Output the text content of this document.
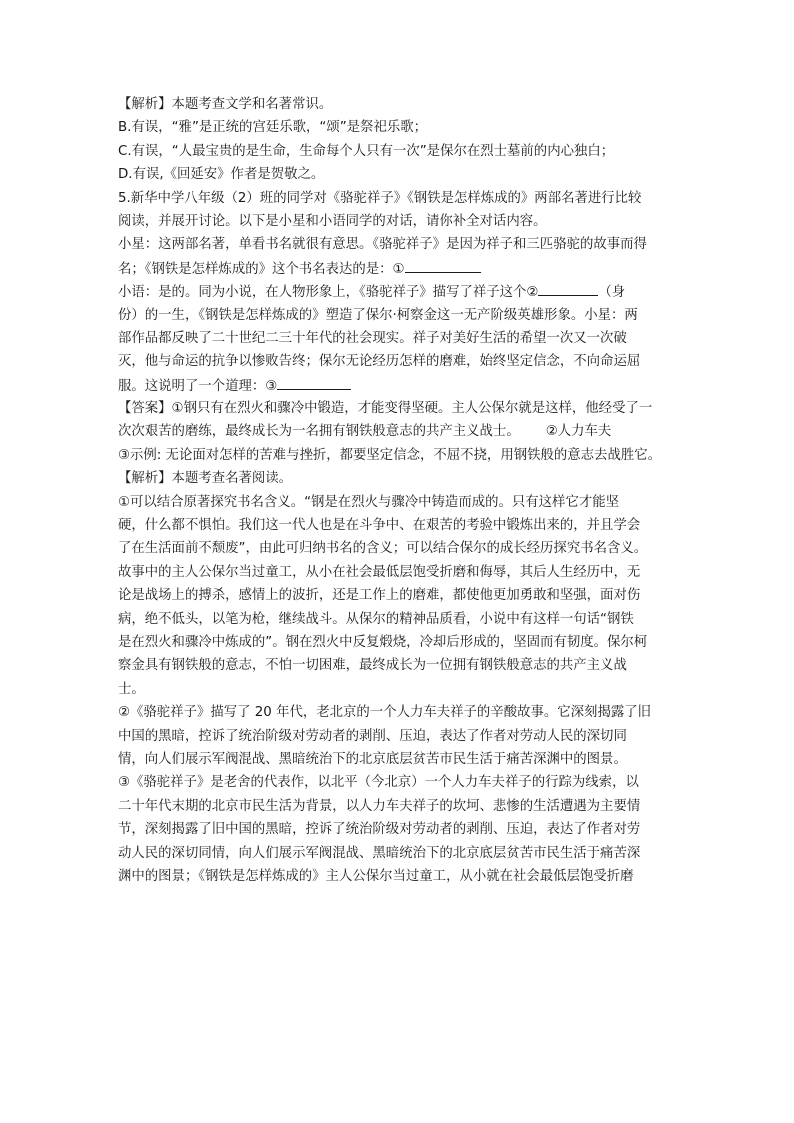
【解析】本题考查文学和名著常识。
B.有误，“雅”是正统的宫廷乐歌，“颂”是祭祀乐歌；
C.有误，“人最宝贵的是生命，生命每个人只有一次”是保尔在烈士墓前的内心独白；
D.有误,《回延安》作者是贺敬之。
5.新华中学八年级（2）班的同学对《骆驼祥子》《钢铁是怎样炼成的》两部名著进行比较
阅读，并展开讨论。以下是小星和小语同学的对话，请你补全对话内容。
小星：这两部名著，单看书名就很有意思。《骆驼祥子》是因为祥子和三匹骆驼的故事而得
名；《钢铁是怎样炼成的》这个书名表达的是：①
小语：是的。同为小说，在人物形象上，《骆驼祥子》描写了祥子这个②	（身
份）的一生，《钢铁是怎样炼成的》塑造了保尔·柯察金这一无产阶级英雄形象。小星：两
部作品都反映了二十世纪二三十年代的社会现实。祥子对美好生活的希望一次又一次破
灭，他与命运的抗争以惨败告终；保尔无论经历怎样的磨难，始终坚定信念，不向命运屈
服。这说明了一个道理：③
【答案】①钢只有在烈火和骤冷中锻造，才能变得坚硬。主人公保尔就是这样，他经受了一
次次艰苦的磨练，最终成长为一名拥有钢铁般意志的共产主义战士。 ②人力车夫
③示例: 无论面对怎样的苦难与挫折，都要坚定信念，不屈不挠，用钢铁般的意志去战胜它。
【解析】本题考查名著阅读。
①可以结合原著探究书名含义。“钢是在烈火与骤冷中铸造而成的。只有这样它才能坚
硬，什么都不惧怕。我们这一代人也是在斗争中、在艰苦的考验中锻炼出来的，并且学会
了在生活面前不颓废”，由此可归纳书名的含义；可以结合保尔的成长经历探究书名含义。
故事中的主人公保尔当过童工，从小在社会最低层饱受折磨和侮辱，其后人生经历中，无
论是战场上的搏杀，感情上的波折，还是工作上的磨难，都使他更加勇敢和坚强，面对伤
病，绝不低头，以笔为枪，继续战斗。从保尔的精神品质看，小说中有这样一句话“钢铁
是在烈火和骤冷中炼成的”。钢在烈火中反复煅烧，冷却后形成的，坚固而有韧度。保尔柯
察金具有钢铁般的意志，不怕一切困难，最终成长为一位拥有钢铁般意志的共产主义战
士。
②《骆驼祥子》描写了 20 年代，老北京的一个人力车夫祥子的辛酸故事。它深刻揭露了旧
中国的黑暗，控诉了统治阶级对劳动者的剥削、压迫，表达了作者对劳动人民的深切同
情，向人们展示军阀混战、黑暗统治下的北京底层贫苦市民生活于痛苦深渊中的图景。
③《骆驼祥子》是老舍的代表作，以北平（今北京）一个人力车夫祥子的行踪为线索，以
二十年代末期的北京市民生活为背景，以人力车夫祥子的坎坷、悲惨的生活遭遇为主要情
节，深刻揭露了旧中国的黑暗，控诉了统治阶级对劳动者的剥削、压迫，表达了作者对劳
动人民的深切同情，向人们展示军阀混战、黑暗统治下的北京底层贫苦市民生活于痛苦深
渊中的图景；《钢铁是怎样炼成的》主人公保尔当过童工，从小就在社会最低层饱受折磨
